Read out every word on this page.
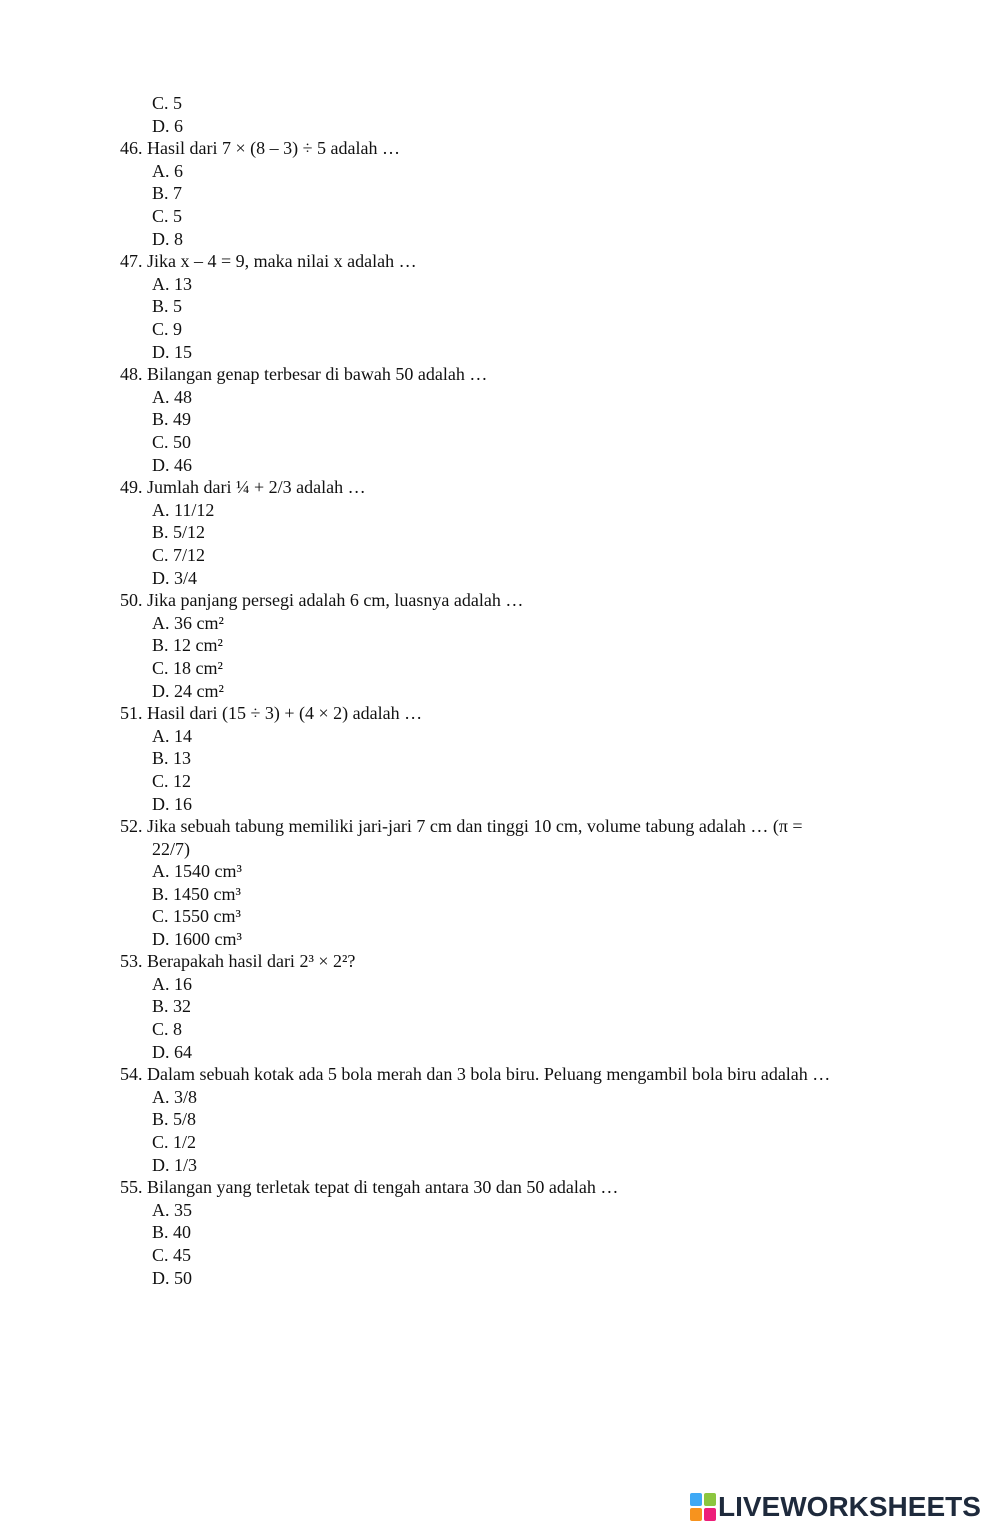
C. 5
D. 6
46. Hasil dari 7 × (8 – 3) ÷ 5 adalah …
A. 6
B. 7
C. 5
D. 8
47. Jika x – 4 = 9, maka nilai x adalah …
A. 13
B. 5
C. 9
D. 15
48. Bilangan genap terbesar di bawah 50 adalah …
A. 48
B. 49
C. 50
D. 46
49. Jumlah dari ¼ + 2/3 adalah …
A. 11/12
B. 5/12
C. 7/12
D. 3/4
50. Jika panjang persegi adalah 6 cm, luasnya adalah …
A. 36 cm²
B. 12 cm²
C. 18 cm²
D. 24 cm²
51. Hasil dari (15 ÷ 3) + (4 × 2) adalah …
A. 14
B. 13
C. 12
D. 16
52. Jika sebuah tabung memiliki jari-jari 7 cm dan tinggi 10 cm, volume tabung adalah … (π =
22/7)
A. 1540 cm³
B. 1450 cm³
C. 1550 cm³
D. 1600 cm³
53. Berapakah hasil dari 2³ × 2²?
A. 16
B. 32
C. 8
D. 64
54. Dalam sebuah kotak ada 5 bola merah dan 3 bola biru. Peluang mengambil bola biru adalah …
A. 3/8
B. 5/8
C. 1/2
D. 1/3
55. Bilangan yang terletak tepat di tengah antara 30 dan 50 adalah …
A. 35
B. 40
C. 45
D. 50
LIVEWORKSHEETS
